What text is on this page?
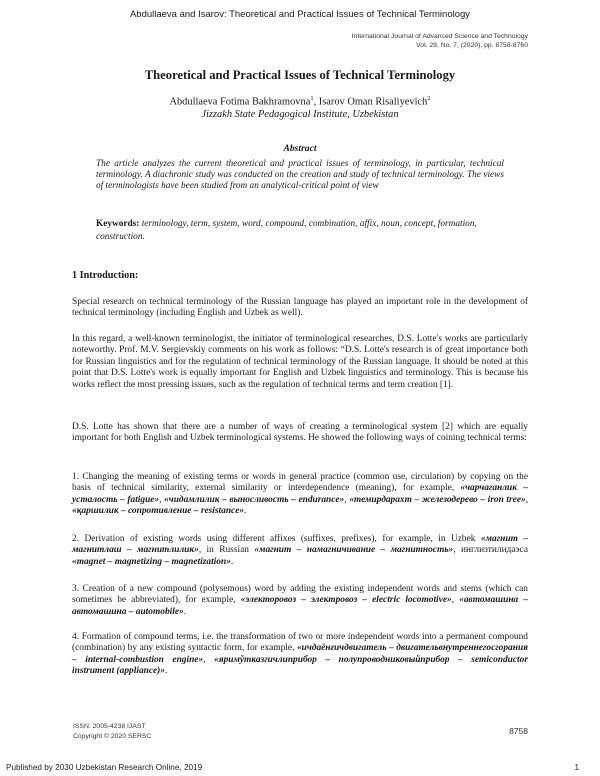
Abdullaeva and Isarov: Theoretical and Practical Issues of Technical Terminology
International Journal of Advanced Science and Technology
Vol. 29, No. 7, (2020), pp. 8758-8760
Theoretical and Practical Issues of Technical Terminology
Abdullaeva Fotima Bakhramovna$^1$, Isarov Oman Risaliyevich$^2$
Jizzakh State Pedagogical Institute, Uzbekistan
Abstract

The article analyzes the current theoretical and practical issues of terminology, in particular, technical terminology. A diachronic study was conducted on the creation and study of technical terminology. The views of terminologists have been studied from an analytical-critical point of view

Keywords: terminology, term, system, word, compound, combination, affix, noun, concept, formation, construction.

1 Introduction:

Special research on technical terminology of the Russian language has played an important role in the development of technical terminology (including English and Uzbek as well).

In this regard, a well-known terminologist, the initiator of terminological researches, D.S. Lotte's works are particularly noteworthy. Prof. M.V. Sergievskiy comments on his work as follows: “D.S. Lotte's research is of great importance both for Russian linguistics and for the regulation of technical terminology of the Russian language. It should be noted at this point that D.S. Lotte's work is equally important for English and Uzbek linguistics and terminology. This is because his works reflect the most pressing issues, such as the regulation of technical terms and term creation [1].

D.S. Lotte has shown that there are a number of ways of creating a terminological system [2] which are equally important for both English and Uzbek terminological systems. He showed the following ways of coining technical terms:

1. Changing the meaning of existing terms or words in general practice (common use, circulation) by copying on the basis of technical similarity, external similarity or interdependence (meaning), for example, «чарчаганлик – усталость – fatigue», «чидамлилик – выносливость – endurance», «темирдарахт – железодерево – iron tree», «қаршилик – сопротивление – resistance».

2. Derivation of existing words using different affixes (suffixes, prefixes), for example, in Uzbek «магнит – магнитлаш – магнитлилик», in Russian «магнит – намагничивание – магнитность», инглизтилидаэса «magnet – magnetizing – magnetization».

3. Creation of a new compound (polysemous) word by adding the existing independent words and stems (which can sometimes be abbreviated), for example, «электоровоз – электровоз – electric locomotive», «автомашина – автомашина – automobile».

4. Formation of compound terms, i.e. the transformation of two or more independent words into a permanent compound (combination) by any existing syntactic form, for example, «ичдаёнғичдвигатель – двигательвнутреннегосгорания – internal-combustion engine», «яримўтказгичлиприбор – полупроводниковыйприбор – semiconductor instrument (appliance)».

ISSN: 2005-4238 IJAST
Copyright © 2020 SERSC
8758
Published by 2030 Uzbekistan Research Online, 2019	1
